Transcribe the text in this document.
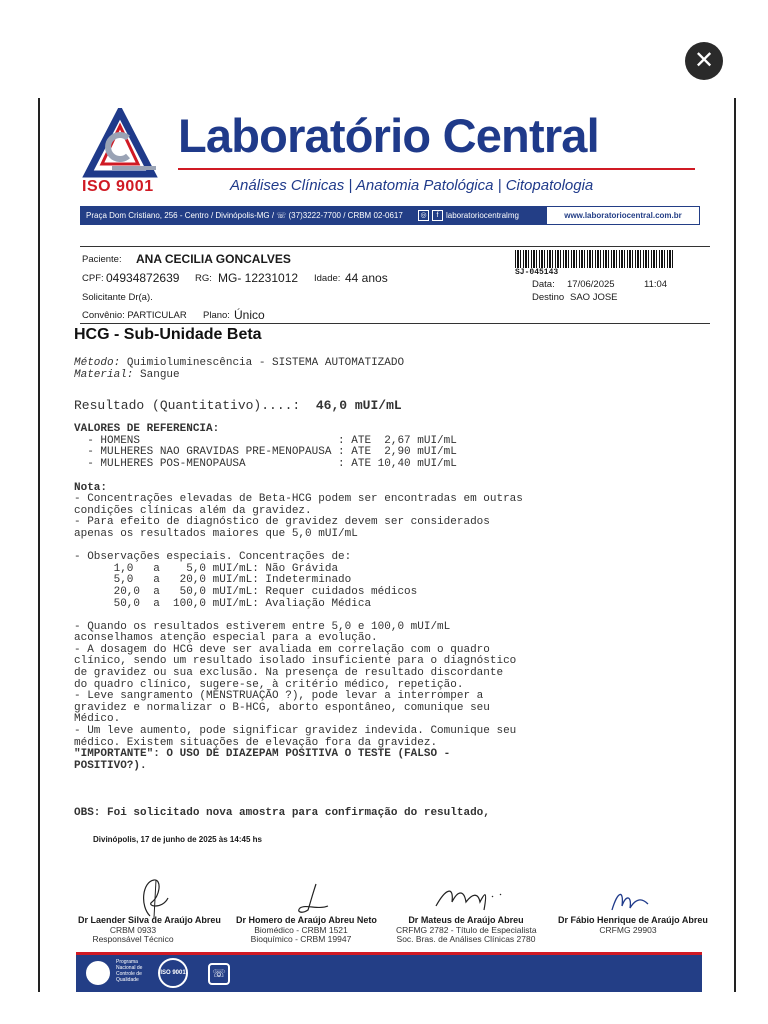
✕
ISO 9001
Laboratório Central
Análises Clínicas | Anatomia Patológica | Citopatologia
Praça Dom Cristiano, 256 - Centro / Divinópolis-MG / ☏ (37)3222-7700 / CRBM 02-0617	◎	f laboratoriocentralmg	www.laboratoriocentral.com.br
Paciente: ANA CECILIA GONCALVES
CPF: 04934872639 RG: MG- 12231012 Idade: 44 anos
Solicitante Dr(a).
Convênio: PARTICULAR Plano: Único
SJ-045143
Data: 17/06/2025	11:04
Destino SAO JOSE
HCG - Sub-Unidade Beta
Método: Quimioluminescência - SISTEMA AUTOMATIZADO
Material: Sangue
Resultado (Quantitativo)....: 46,0 mUI/mL
VALORES DE REFERENCIA:
- HOMENS                              : ATE  2,67 mUI/mL
- MULHERES NAO GRAVIDAS PRE-MENOPAUSA : ATE  2,90 mUI/mL
- MULHERES POS-MENOPAUSA              : ATE 10,40 mUI/mL
Nota:
- Concentrações elevadas de Beta-HCG podem ser encontradas em outras
condições clínicas além da gravidez.
- Para efeito de diagnóstico de gravidez devem ser considerados
apenas os resultados maiores que 5,0 mUI/mL
- Observações especiais. Concentrações de:
1,0   a    5,0 mUI/mL: Não Grávida
5,0   a   20,0 mUI/mL: Indeterminado
20,0  a   50,0 mUI/mL: Requer cuidados médicos
50,0  a  100,0 mUI/mL: Avaliação Médica
- Quando os resultados estiverem entre 5,0 e 100,0 mUI/mL
aconselhamos atenção especial para a evolução.
- A dosagem do HCG deve ser avaliada em correlação com o quadro
clínico, sendo um resultado isolado insuficiente para o diagnóstico
de gravidez ou sua exclusão. Na presença de resultado discordante
do quadro clínico, sugere-se, à critério médico, repetição.
- Leve sangramento (MENSTRUAÇÃO ?), pode levar a interromper a
gravidez e normalizar o B-HCG, aborto espontâneo, comunique seu
Médico.
- Um leve aumento, pode significar gravidez indevida. Comunique seu
médico. Existem situações de elevação fora da gravidez.
"IMPORTANTE": O USO DE DIAZEPAM POSITIVA O TESTE (FALSO -
POSITIVO?).
OBS: Foi solicitado nova amostra para confirmação do resultado,
Divinópolis, 17 de junho de 2025 às 14:45 hs
Dr Laender Silva de Araújo Abreu
CRBM 0933
Responsável Técnico
Dr Homero de Araújo Abreu Neto
Biomédico - CRBM 1521
Bioquímico - CRBM 19947
Dr Mateus de Araújo Abreu
CRFMG 2782 - Título de Especialista
Soc. Bras. de Análises Clínicas 2780
Dr Fábio Henrique de Araújo Abreu
CRFMG 29903
Programa Nacional de Controle de Qualidade
ISO 9001	☏
